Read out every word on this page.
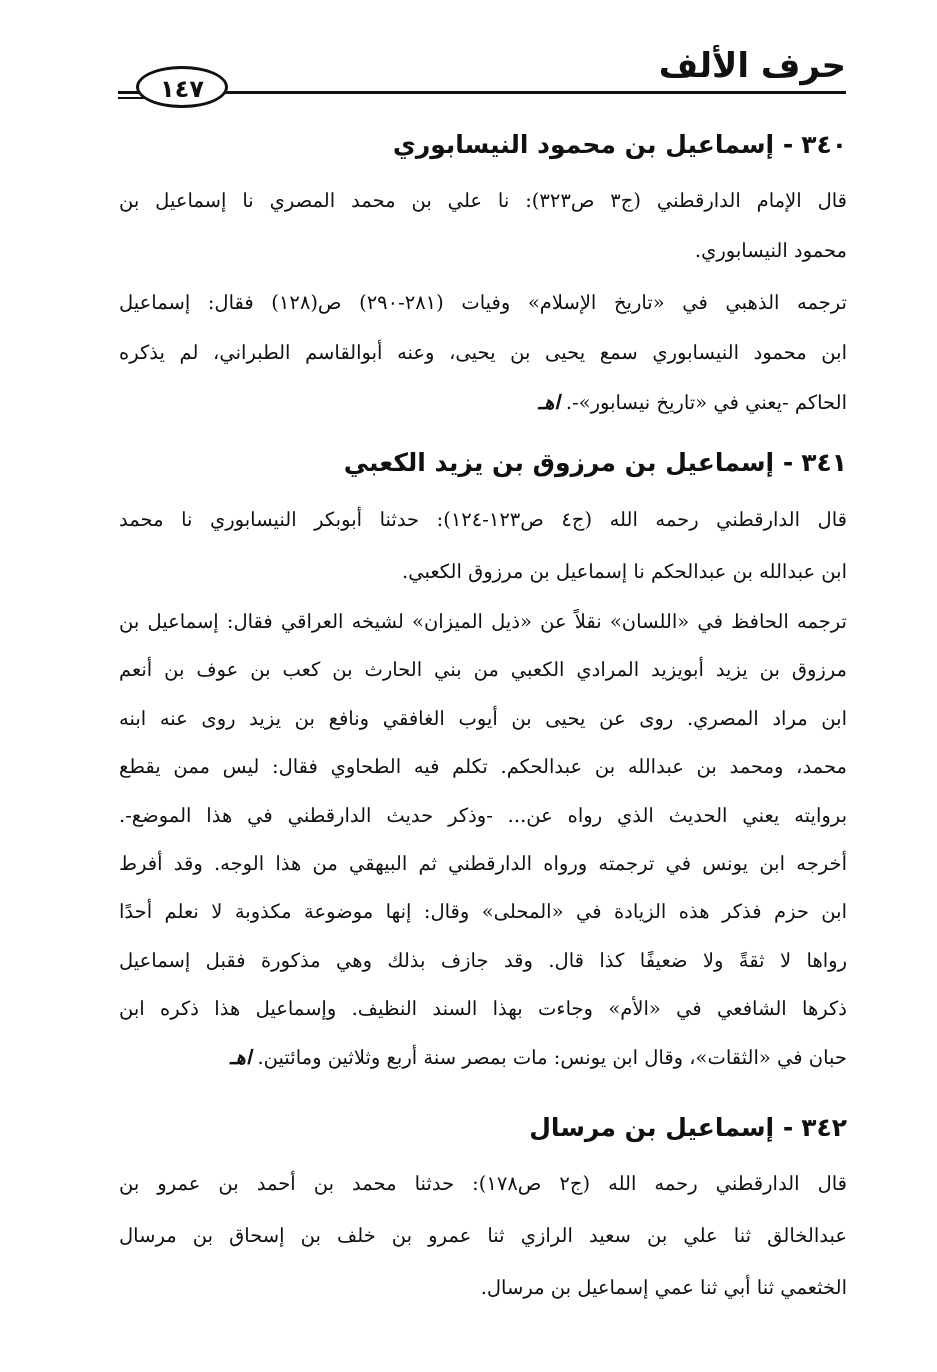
حرف الألف
١٤٧
٣٤٠- إسماعيل بن محمود النيسابوري
قال الإمام الدارقطني (ج٣ ص٣٢٣): نا علي بن محمد المصري نا إسماعيل بن
محمود النيسابوري.
ترجمه الذهبي في «تاريخ الإسلام» وفيات (٢٨١-٢٩٠) ص(١٢٨) فقال: إسماعيل
ابن محمود النيسابوري سمع يحيى بن يحيى، وعنه أبوالقاسم الطبراني، لم يذكره
الحاكم -يعني في «تاريخ نيسابور»-. اهـ
٣٤١- إسماعيل بن مرزوق بن يزيد الكعبي
قال الدارقطني رحمه الله (ج٤ ص١٢٣-١٢٤): حدثنا أبوبكر النيسابوري نا محمد
ابن عبدالله بن عبدالحكم نا إسماعيل بن مرزوق الكعبي.
ترجمه الحافظ في «اللسان» نقلاً عن «ذيل الميزان» لشيخه العراقي فقال: إسماعيل بن
مرزوق بن يزيد أبويزيد المرادي الكعبي من بني الحارث بن كعب بن عوف بن أنعم
ابن مراد المصري. روى عن يحيى بن أيوب الغافقي ونافع بن يزيد روى عنه ابنه
محمد، ومحمد بن عبدالله بن عبدالحكم. تكلم فيه الطحاوي فقال: ليس ممن يقطع
بروايته يعني الحديث الذي رواه عن... -وذكر حديث الدارقطني في هذا الموضع-.
أخرجه ابن يونس في ترجمته ورواه الدارقطني ثم البيهقي من هذا الوجه. وقد أفرط
ابن حزم فذكر هذه الزيادة في «المحلى» وقال: إنها موضوعة مكذوبة لا نعلم أحدًا
رواها لا ثقةً ولا ضعيفًا كذا قال. وقد جازف بذلك وهي مذكورة فقبل إسماعيل
ذكرها الشافعي في «الأم» وجاءت بهذا السند النظيف. وإسماعيل هذا ذكره ابن
حبان في «الثقات»، وقال ابن يونس: مات بمصر سنة أربع وثلاثين ومائتين. اهـ
٣٤٢- إسماعيل بن مرسال
قال الدارقطني رحمه الله (ج٢ ص١٧٨): حدثنا محمد بن أحمد بن عمرو بن
عبدالخالق ثنا علي بن سعيد الرازي ثنا عمرو بن خلف بن إسحاق بن مرسال
الخثعمي ثنا أبي ثنا عمي إسماعيل بن مرسال.
